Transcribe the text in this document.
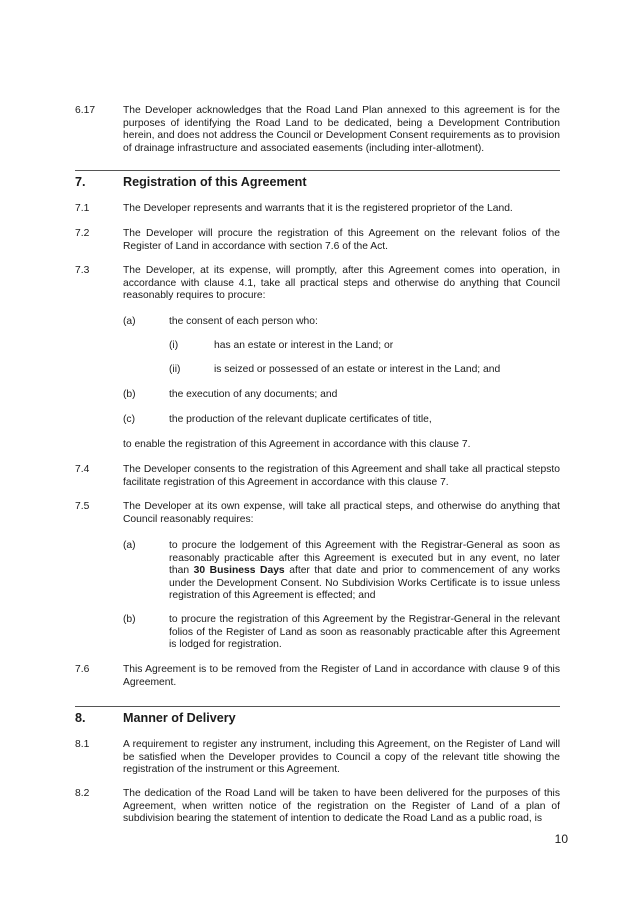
6.17	The Developer acknowledges that the Road Land Plan annexed to this agreement is for the purposes of identifying the Road Land to be dedicated, being a Development Contribution herein, and does not address the Council or Development Consent requirements as to provision of drainage infrastructure and associated easements (including inter-allotment).
7.	Registration of this Agreement
7.1	The Developer represents and warrants that it is the registered proprietor of the Land.
7.2	The Developer will procure the registration of this Agreement on the relevant folios of the Register of Land in accordance with section 7.6 of the Act.
7.3	The Developer, at its expense, will promptly, after this Agreement comes into operation, in accordance with clause 4.1, take all practical steps and otherwise do anything that Council reasonably requires to procure:
(a)	the consent of each person who:
(i)	has an estate or interest in the Land; or
(ii)	is seized or possessed of an estate or interest in the Land; and
(b)	the execution of any documents; and
(c)	the production of the relevant duplicate certificates of title,
to enable the registration of this Agreement in accordance with this clause 7.
7.4	The Developer consents to the registration of this Agreement and shall take all practical stepsto facilitate registration of this Agreement in accordance with this clause 7.
7.5	The Developer at its own expense, will take all practical steps, and otherwise do anything that Council reasonably requires:
(a)	to procure the lodgement of this Agreement with the Registrar-General as soon as reasonably practicable after this Agreement is executed but in any event, no later than 30 Business Days after that date and prior to commencement of any works under the Development Consent. No Subdivision Works Certificate is to issue unless registration of this Agreement is effected; and
(b)	to procure the registration of this Agreement by the Registrar-General in the relevant folios of the Register of Land as soon as reasonably practicable after this Agreement is lodged for registration.
7.6	This Agreement is to be removed from the Register of Land in accordance with clause 9 of this Agreement.
8.	Manner of Delivery
8.1	A requirement to register any instrument, including this Agreement, on the Register of Land will be satisfied when the Developer provides to Council a copy of the relevant title showing the registration of the instrument or this Agreement.
8.2	The dedication of the Road Land will be taken to have been delivered for the purposes of this Agreement, when written notice of the registration on the Register of Land of a plan of subdivision bearing the statement of intention to dedicate the Road Land as a public road, is
10
